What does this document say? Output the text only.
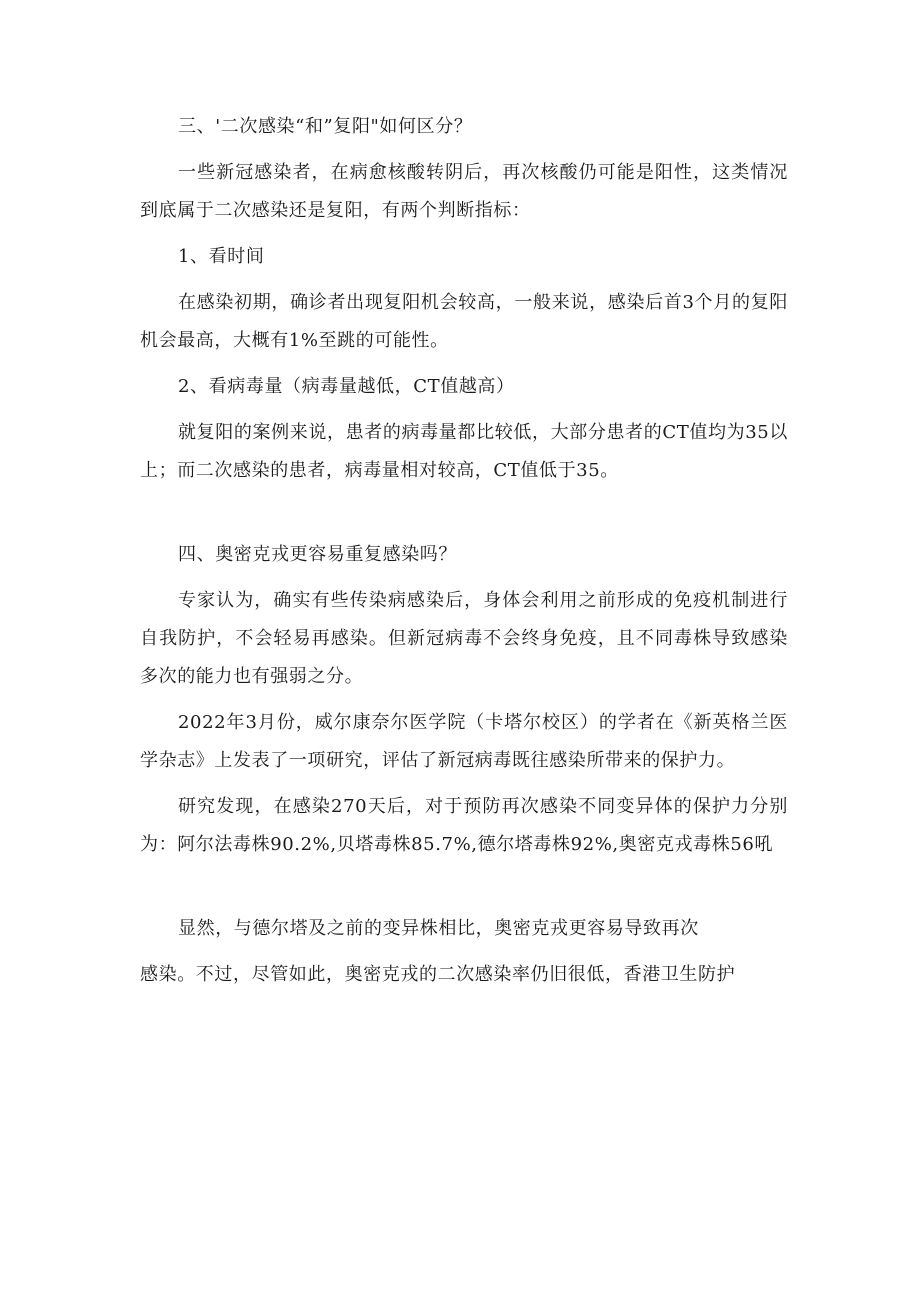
三、'二次感染“和”复阳"如何区分？

一些新冠感染者，在病愈核酸转阴后，再次核酸仍可能是阳性，这类情况到底属于二次感染还是复阳，有两个判断指标：

1、看时间

在感染初期，确诊者出现复阳机会较高，一般来说，感染后首3个月的复阳机会最高，大概有1%至跳的可能性。

2、看病毒量（病毒量越低，CT值越高）

就复阳的案例来说，患者的病毒量都比较低，大部分患者的CT值均为35以上；而二次感染的患者，病毒量相对较高，CT值低于35。

四、奥密克戎更容易重复感染吗？

专家认为，确实有些传染病感染后，身体会利用之前形成的免疫机制进行自我防护，不会轻易再感染。但新冠病毒不会终身免疫，且不同毒株导致感染多次的能力也有强弱之分。

2022年3月份，威尔康奈尔医学院（卡塔尔校区）的学者在《新英格兰医学杂志》上发表了一项研究，评估了新冠病毒既往感染所带来的保护力。

研究发现，在感染270天后，对于预防再次感染不同变异体的保护力分别为：阿尔法毒株90.2%,贝塔毒株85.7%,德尔塔毒株92%,奥密克戎毒株56吼

显然，与德尔塔及之前的变异株相比，奥密克戎更容易导致再次

感染。不过，尽管如此，奥密克戎的二次感染率仍旧很低，香港卫生防护
